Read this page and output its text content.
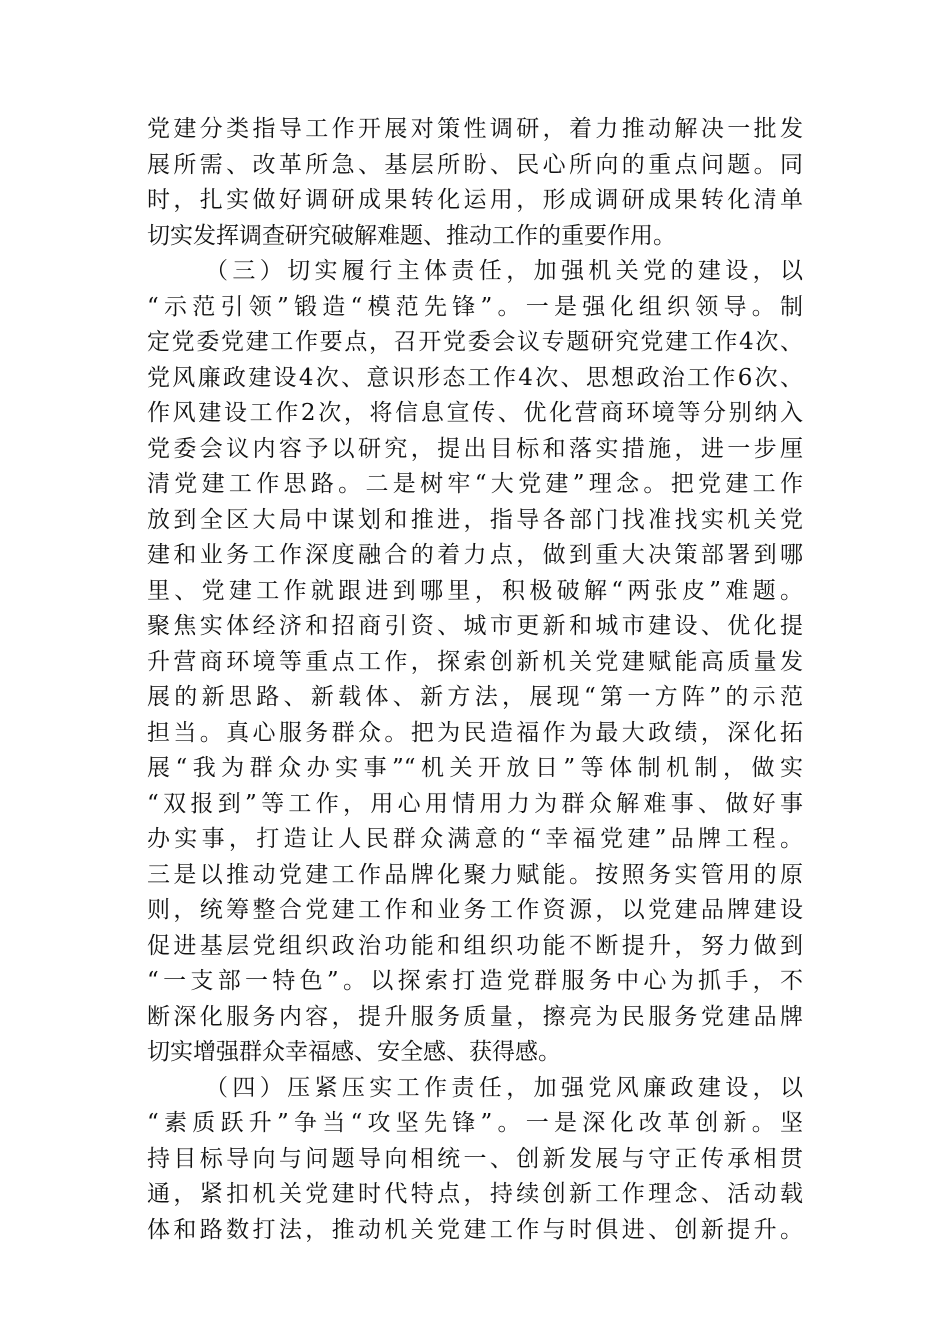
党建分类指导工作开展对策性调研，着力推动解决一批发
展所需、改革所急、基层所盼、民心所向的重点问题。同
时，扎实做好调研成果转化运用，形成调研成果转化清单
切实发挥调查研究破解难题、推动工作的重要作用。
（三）切实履行主体责任，加强机关党的建设，以
“示范引领”锻造“模范先锋”。一是强化组织领导。制
定党委党建工作要点，召开党委会议专题研究党建工作4次、
党风廉政建设4次、意识形态工作4次、思想政治工作6次、
作风建设工作2次，将信息宣传、优化营商环境等分别纳入
党委会议内容予以研究，提出目标和落实措施，进一步厘
清党建工作思路。二是树牢“大党建”理念。把党建工作
放到全区大局中谋划和推进，指导各部门找准找实机关党
建和业务工作深度融合的着力点，做到重大决策部署到哪
里、党建工作就跟进到哪里，积极破解“两张皮”难题。
聚焦实体经济和招商引资、城市更新和城市建设、优化提
升营商环境等重点工作，探索创新机关党建赋能高质量发
展的新思路、新载体、新方法，展现“第一方阵”的示范
担当。真心服务群众。把为民造福作为最大政绩，深化拓
展“我为群众办实事”“机关开放日”等体制机制，做实
“双报到”等工作，用心用情用力为群众解难事、做好事
办实事，打造让人民群众满意的“幸福党建”品牌工程。
三是以推动党建工作品牌化聚力赋能。按照务实管用的原
则，统筹整合党建工作和业务工作资源，以党建品牌建设
促进基层党组织政治功能和组织功能不断提升，努力做到
“一支部一特色”。以探索打造党群服务中心为抓手，不
断深化服务内容，提升服务质量，擦亮为民服务党建品牌
切实增强群众幸福感、安全感、获得感。
（四）压紧压实工作责任，加强党风廉政建设，以
“素质跃升”争当“攻坚先锋”。一是深化改革创新。坚
持目标导向与问题导向相统一、创新发展与守正传承相贯
通，紧扣机关党建时代特点，持续创新工作理念、活动载
体和路数打法，推动机关党建工作与时俱进、创新提升。
